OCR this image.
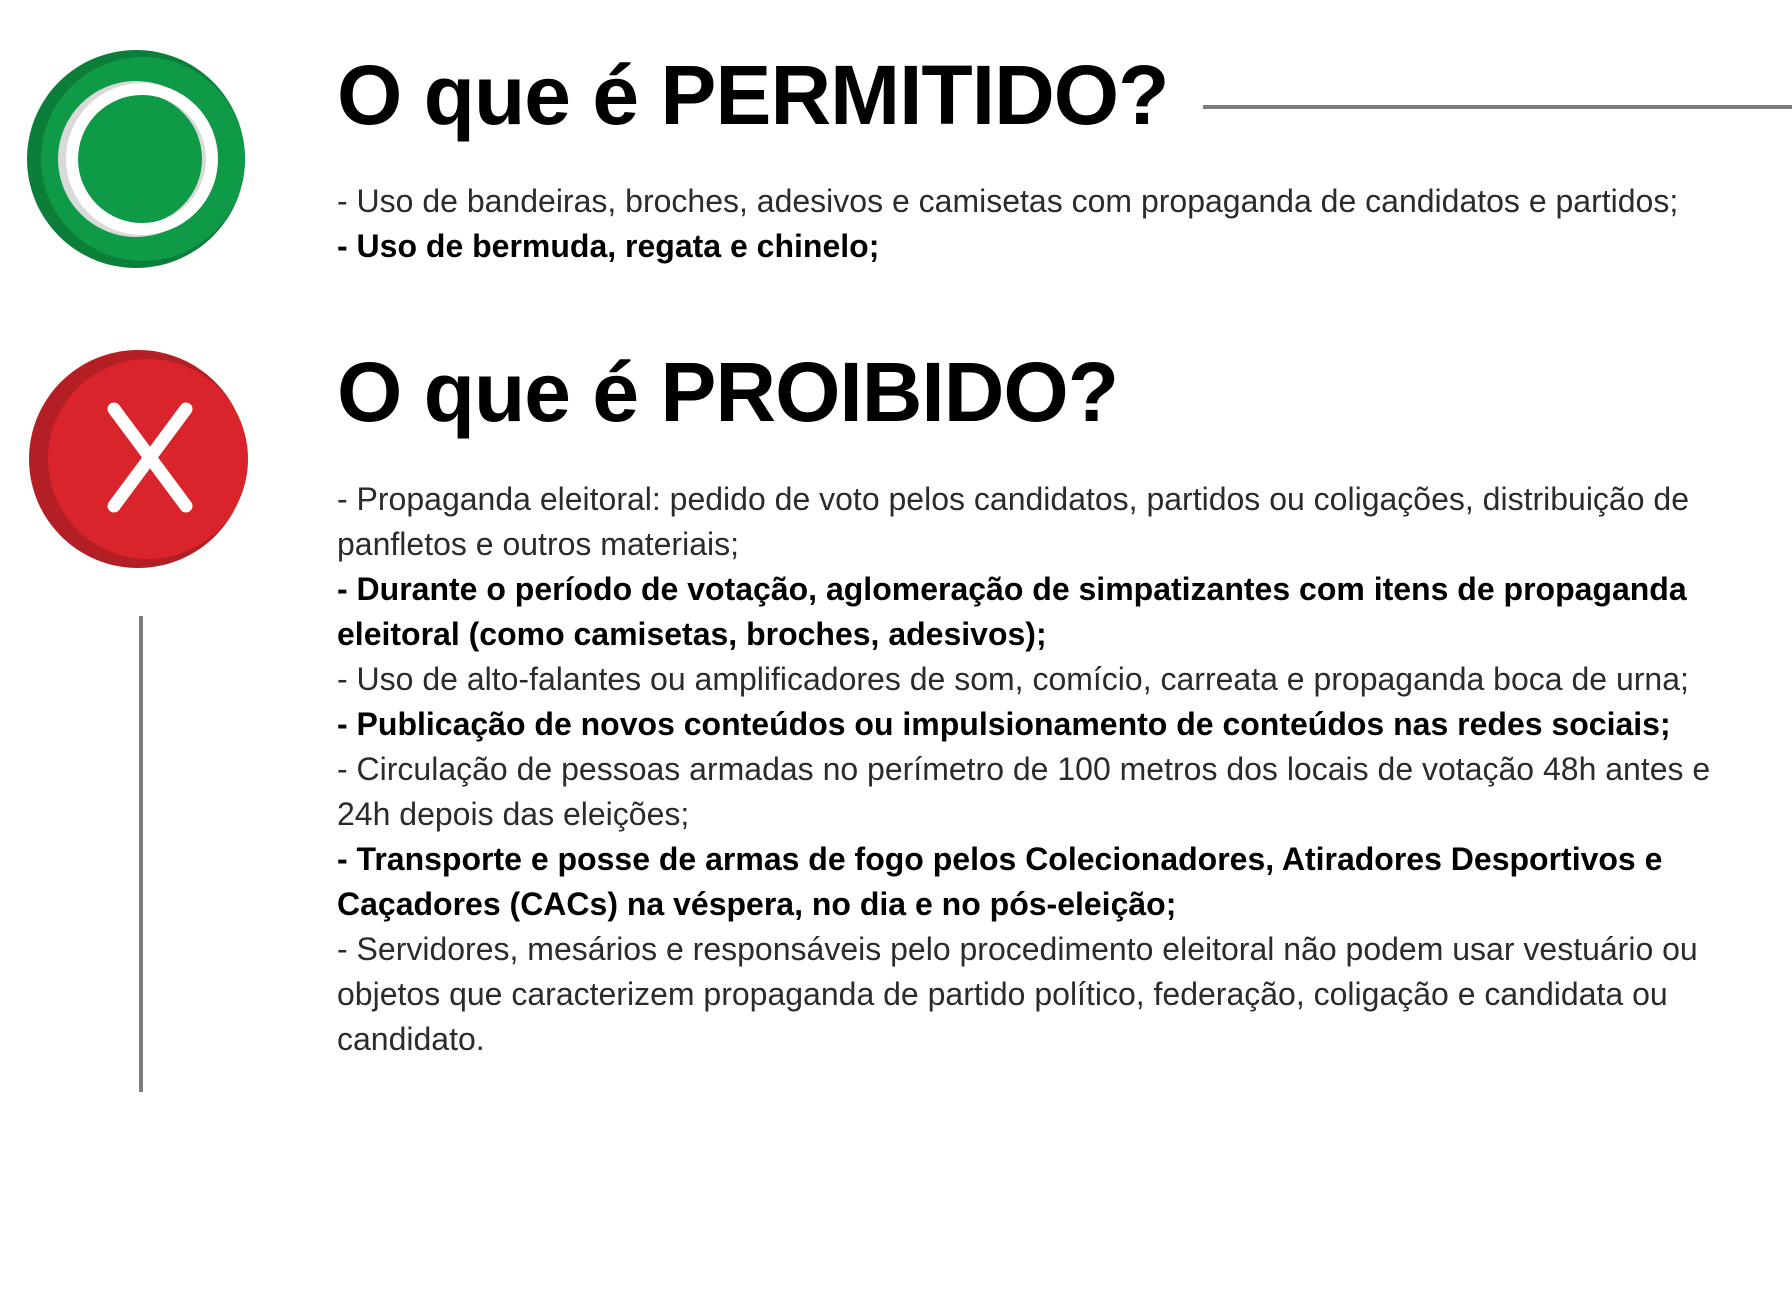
O que é PERMITIDO?

- Uso de bandeiras, broches, adesivos e camisetas com propaganda de candidatos e partidos;

- Uso de bermuda, regata e chinelo;

O que é PROIBIDO?

- Propaganda eleitoral: pedido de voto pelos candidatos, partidos ou coligações, distribuição de panfletos e outros materiais;

- Durante o período de votação, aglomeração de simpatizantes com itens de propaganda eleitoral (como camisetas, broches, adesivos);

- Uso de alto-falantes ou amplificadores de som, comício, carreata e propaganda boca de urna;

- Publicação de novos conteúdos ou impulsionamento de conteúdos nas redes sociais;

- Circulação de pessoas armadas no perímetro de 100 metros dos locais de votação 48h antes e 24h depois das eleições;

- Transporte e posse de armas de fogo pelos Colecionadores, Atiradores Desportivos e Caçadores (CACs) na véspera, no dia e no pós-eleição;

- Servidores, mesários e responsáveis pelo procedimento eleitoral não podem usar vestuário ou objetos que caracterizem propaganda de partido político, federação, coligação e candidata ou candidato.
